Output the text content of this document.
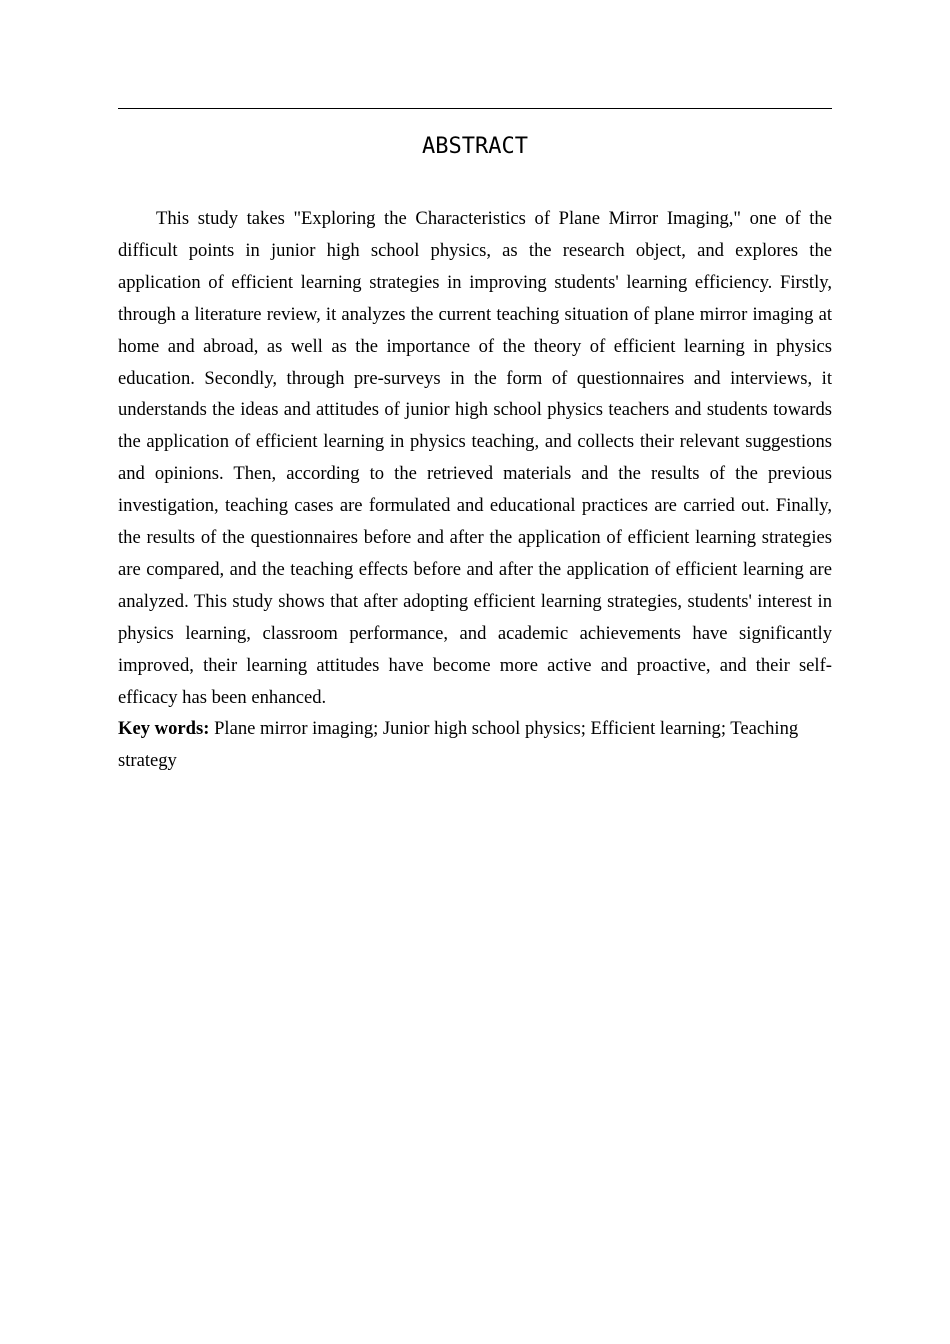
ABSTRACT

This study takes "Exploring the Characteristics of Plane Mirror Imaging," one of the difficult points in junior high school physics, as the research object, and explores the application of efficient learning strategies in improving students' learning efficiency. Firstly, through a literature review, it analyzes the current teaching situation of plane mirror imaging at home and abroad, as well as the importance of the theory of efficient learning in physics education. Secondly, through pre-surveys in the form of questionnaires and interviews, it understands the ideas and attitudes of junior high school physics teachers and students towards the application of efficient learning in physics teaching, and collects their relevant suggestions and opinions. Then, according to the retrieved materials and the results of the previous investigation, teaching cases are formulated and educational practices are carried out. Finally, the results of the questionnaires before and after the application of efficient learning strategies are compared, and the teaching effects before and after the application of efficient learning are analyzed. This study shows that after adopting efficient learning strategies, students' interest in physics learning, classroom performance, and academic achievements have significantly improved, their learning attitudes have become more active and proactive, and their self-efficacy has been enhanced.

Key words: Plane mirror imaging; Junior high school physics; Efficient learning; Teaching strategy
